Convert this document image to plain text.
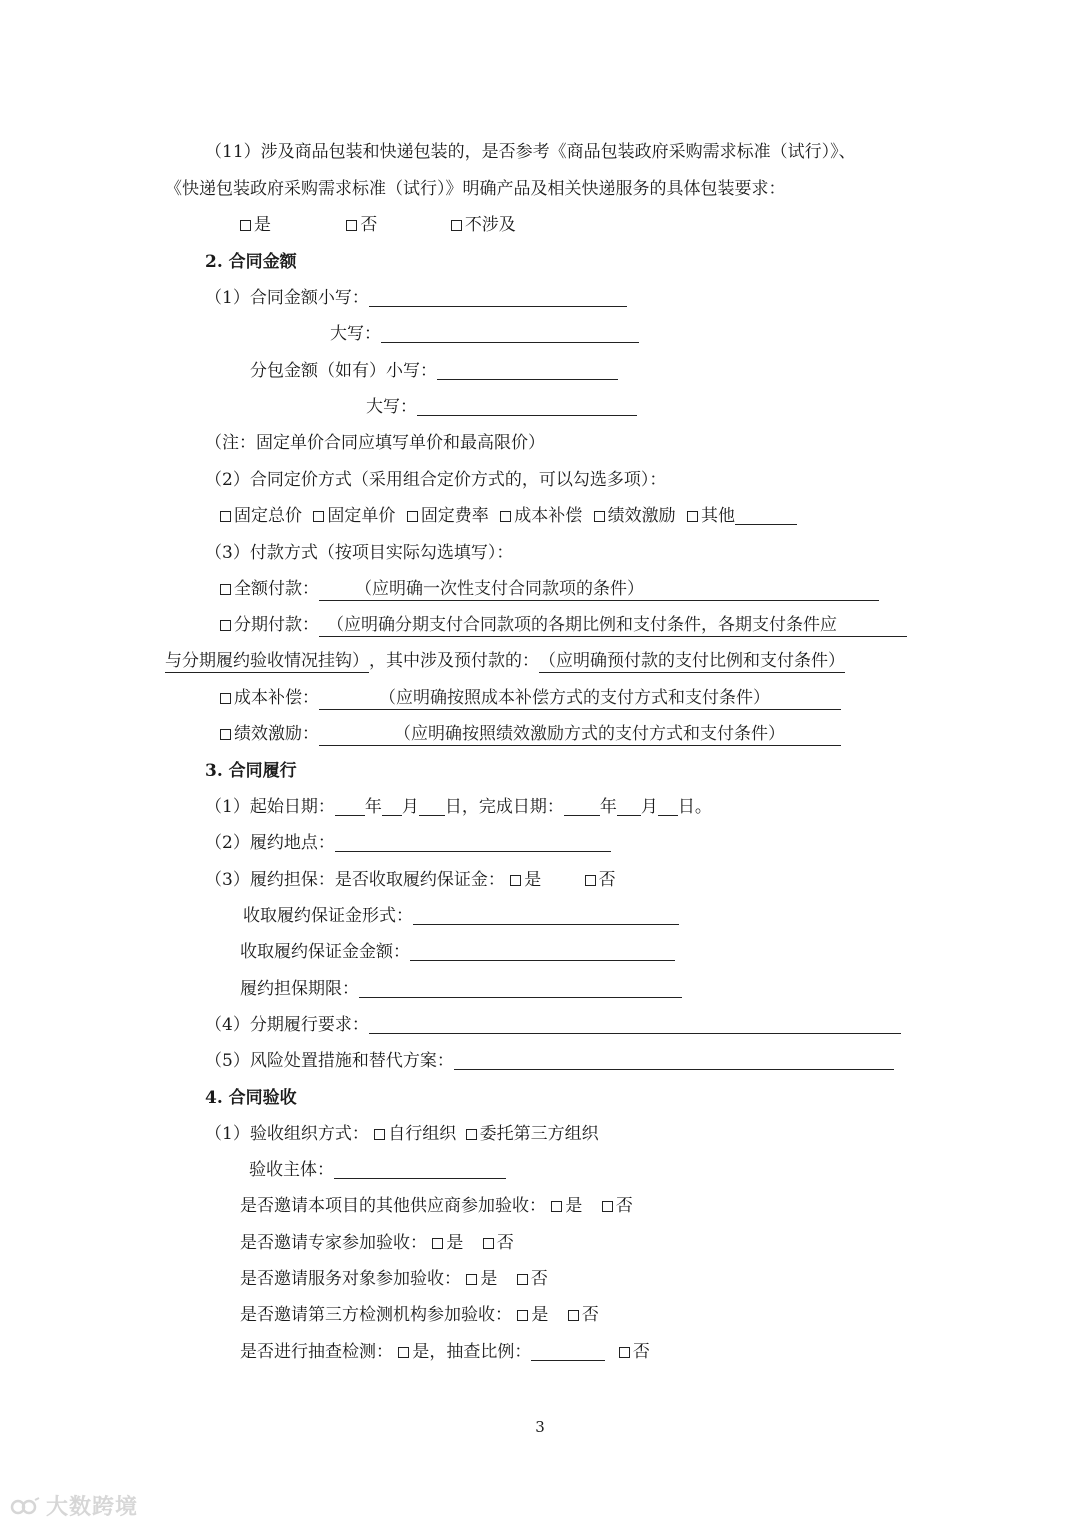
（11）涉及商品包装和快递包装的，是否参考《商品包装政府采购需求标准（试行）》、
《快递包装政府采购需求标准（试行）》明确产品及相关快递服务的具体包装要求：
是	否	不涉及
2. 合同金额
（1）合同金额小写：
大写：
分包金额（如有）小写：
大写：
（注：固定单价合同应填写单价和最高限价）
（2）合同定价方式（采用组合定价方式的，可以勾选多项）：
固定总价 固定单价 固定费率 成本补偿 绩效激励 其他
（3）付款方式（按项目实际勾选填写）：
全额付款： （应明确一次性支付合同款项的条件）
分期付款： （应明确分期支付合同款项的各期比例和支付条件，各期支付条件应
与分期履约验收情况挂钩），其中涉及预付款的：（应明确预付款的支付比例和支付条件）
成本补偿：	（应明确按照成本补偿方式的支付方式和支付条件）
绩效激励：	（应明确按照绩效激励方式的支付方式和支付条件）
3. 合同履行
（1）起始日期： 年 月 日，完成日期： 年 月 日。
（2）履约地点：
（3）履约担保：是否收取履约保证金： 是	否
收取履约保证金形式：
收取履约保证金金额：
履约担保期限：
（4）分期履行要求：
（5）风险处置措施和替代方案：
4. 合同验收
（1）验收组织方式： 自行组织 委托第三方组织
验收主体：
是否邀请本项目的其他供应商参加验收： 是 否
是否邀请专家参加验收： 是 否
是否邀请服务对象参加验收： 是 否
是否邀请第三方检测机构参加验收： 是 否
是否进行抽查检测： 是，抽查比例：	否
3
大数跨境
